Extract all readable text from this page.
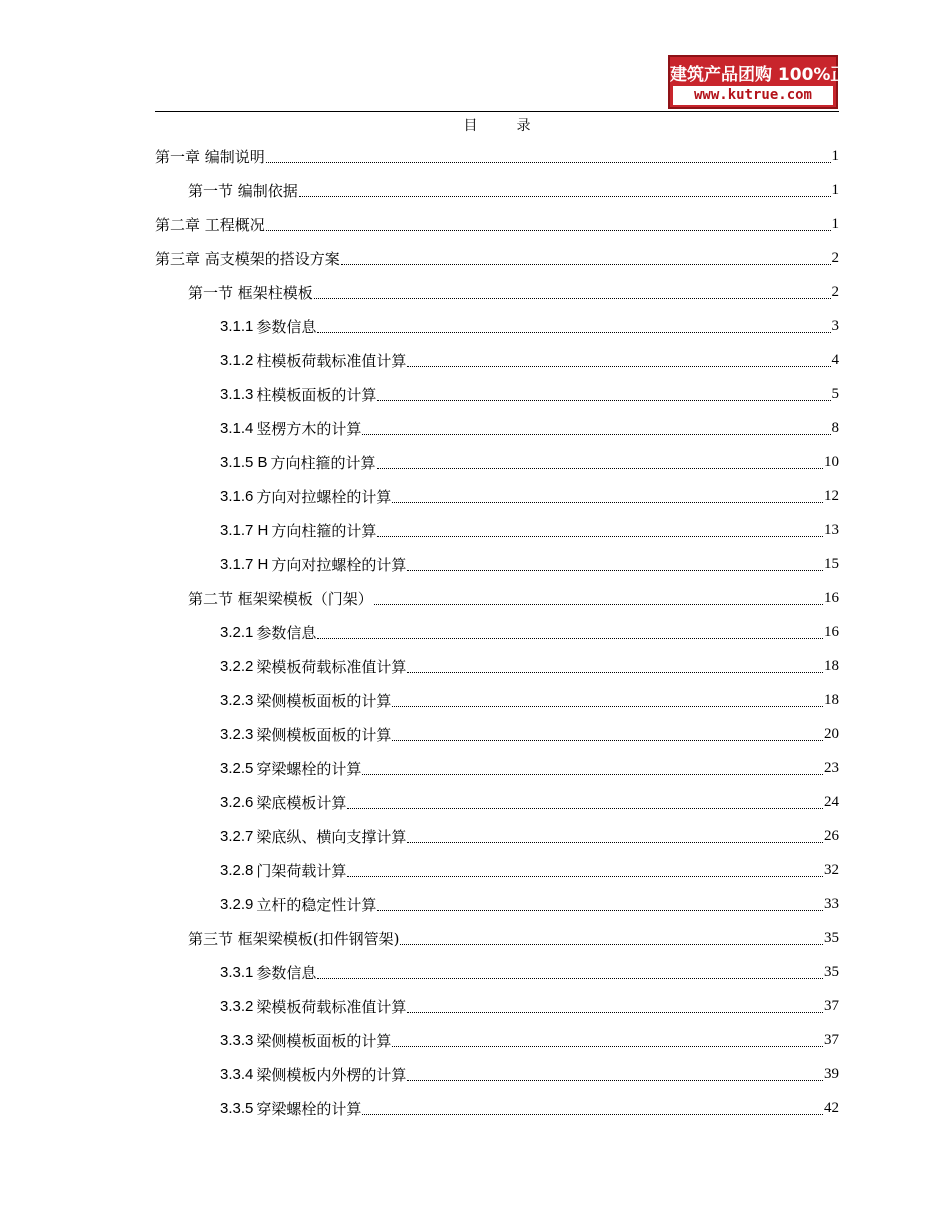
建筑产品团购 100%正品
www.kutrue.com
目	录
第一章 编制说明	1
第一节 编制依据	1
第二章 工程概况	1
第三章 高支模架的搭设方案	2
第一节 框架柱模板	2
3.1.1 参数信息	3
3.1.2 柱模板荷载标准值计算	4
3.1.3 柱模板面板的计算	5
3.1.4 竖楞方木的计算	8
3.1.5 B 方向柱箍的计算	10
3.1.6 方向对拉螺栓的计算	12
3.1.7 H 方向柱箍的计算	13
3.1.7 H 方向对拉螺栓的计算	15
第二节 框架梁模板（门架）	16
3.2.1 参数信息	16
3.2.2 梁模板荷载标准值计算	18
3.2.3 梁侧模板面板的计算	18
3.2.3 梁侧模板面板的计算	20
3.2.5 穿梁螺栓的计算	23
3.2.6 梁底模板计算	24
3.2.7 梁底纵、横向支撑计算	26
3.2.8 门架荷载计算	32
3.2.9 立杆的稳定性计算	33
第三节 框架梁模板(扣件钢管架)	35
3.3.1 参数信息	35
3.3.2 梁模板荷载标准值计算	37
3.3.3 梁侧模板面板的计算	37
3.3.4 梁侧模板内外楞的计算	39
3.3.5 穿梁螺栓的计算	42
